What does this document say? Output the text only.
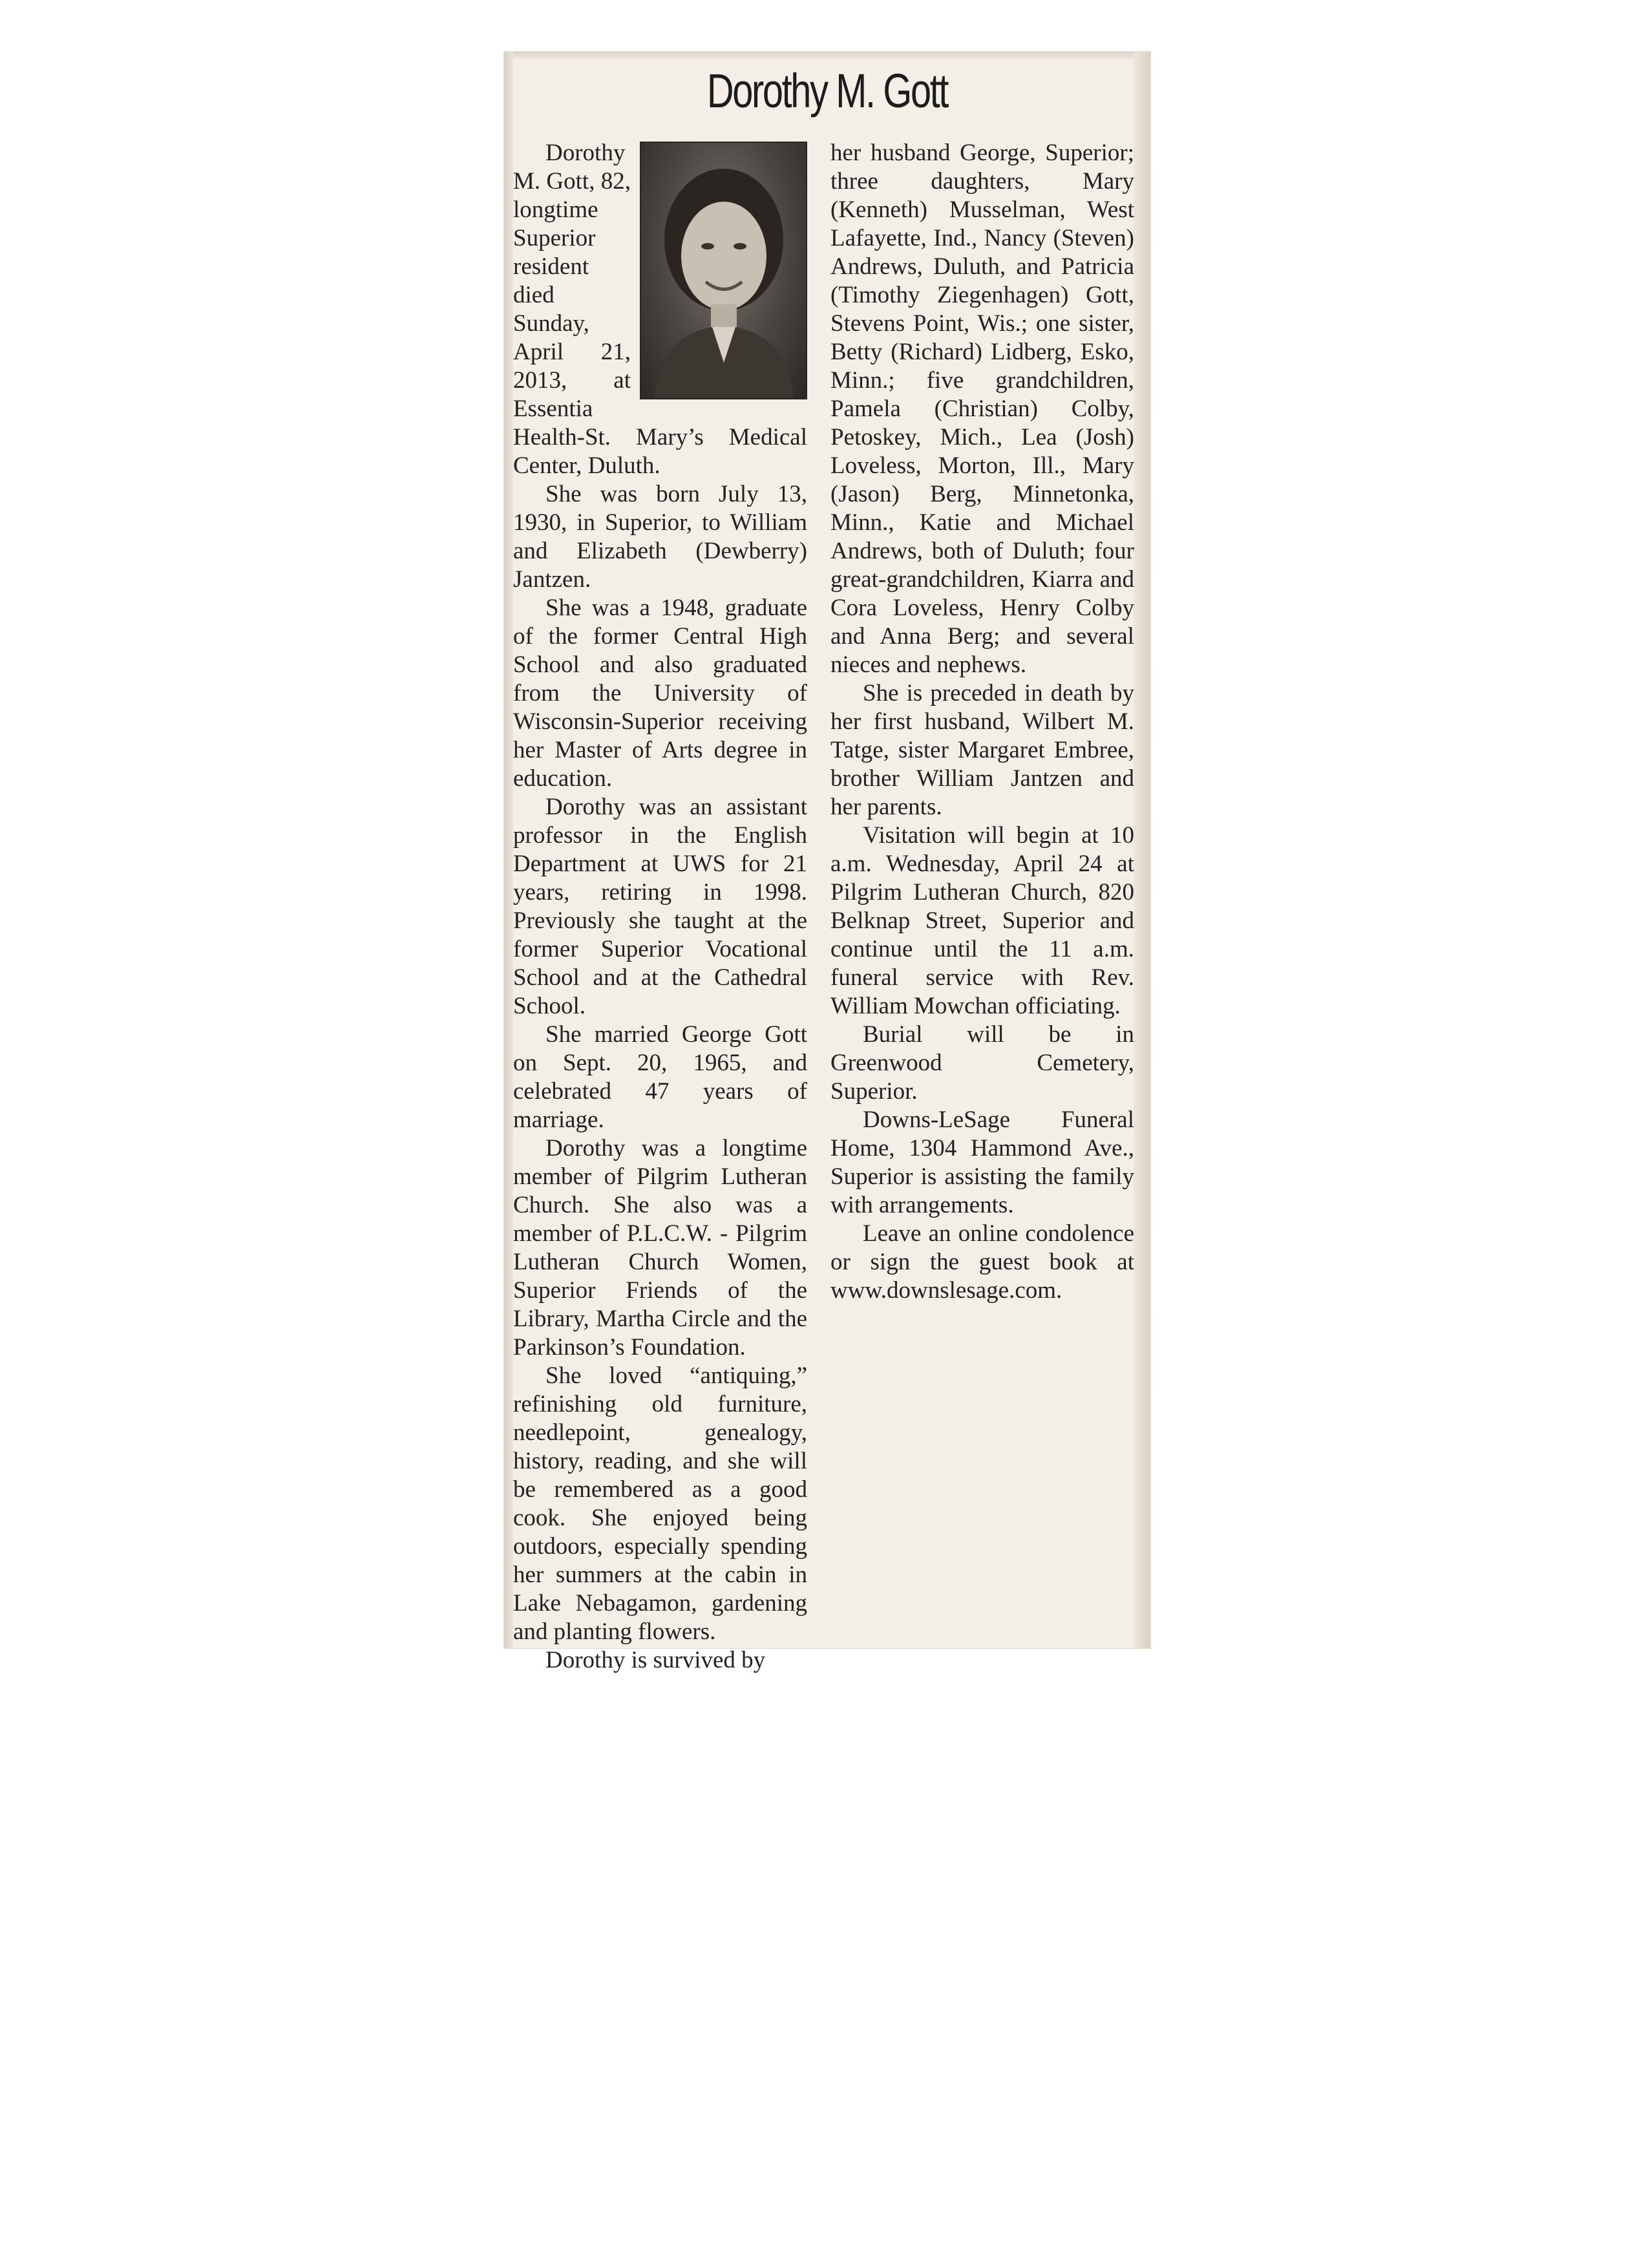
Dorothy M. Gott

Dorothy M. Gott, 82, longtime Superior resident died Sunday, April 21, 2013, at Essentia Health-St. Mary’s Medical Center, Duluth.

She was born July 13, 1930, in Superior, to William and Elizabeth (Dewberry) Jantzen.

She was a 1948, graduate of the former Central High School and also graduated from the University of Wisconsin-Superior receiving her Master of Arts degree in education.

Dorothy was an assistant professor in the English Department at UWS for 21 years, retiring in 1998. Previously she taught at the former Superior Vocational School and at the Cathedral School.

She married George Gott on Sept. 20, 1965, and celebrated 47 years of marriage.

Dorothy was a longtime member of Pilgrim Lutheran Church. She also was a member of P.L.C.W. - Pilgrim Lutheran Church Women, Superior Friends of the Library, Martha Circle and the Parkinson’s Foundation.

She loved “antiquing,” refinishing old furniture, needlepoint, genealogy, history, reading, and she will be remembered as a good cook. She enjoyed being outdoors, especially spending her summers at the cabin in Lake Nebagamon, gardening and planting flowers.

Dorothy is survived by

her husband George, Superior; three daughters, Mary (Kenneth) Musselman, West Lafayette, Ind., Nancy (Steven) Andrews, Duluth, and Patricia (Timothy Ziegenhagen) Gott, Stevens Point, Wis.; one sister, Betty (Richard) Lidberg, Esko, Minn.; five grandchildren, Pamela (Christian) Colby, Petoskey, Mich., Lea (Josh) Loveless, Morton, Ill., Mary (Jason) Berg, Minnetonka, Minn., Katie and Michael Andrews, both of Duluth; four great-grandchildren, Kiarra and Cora Loveless, Henry Colby and Anna Berg; and several nieces and nephews.

She is preceded in death by her first husband, Wilbert M. Tatge, sister Margaret Embree, brother William Jantzen and her parents.

Visitation will begin at 10 a.m. Wednesday, April 24 at Pilgrim Lutheran Church, 820 Belknap Street, Superior and continue until the 11 a.m. funeral service with Rev. William Mowchan officiating.

Burial will be in Greenwood Cemetery, Superior.

Downs-LeSage Funeral Home, 1304 Hammond Ave., Superior is assisting the family with arrangements.

Leave an online condolence or sign the guest book at www.downslesage.com.
